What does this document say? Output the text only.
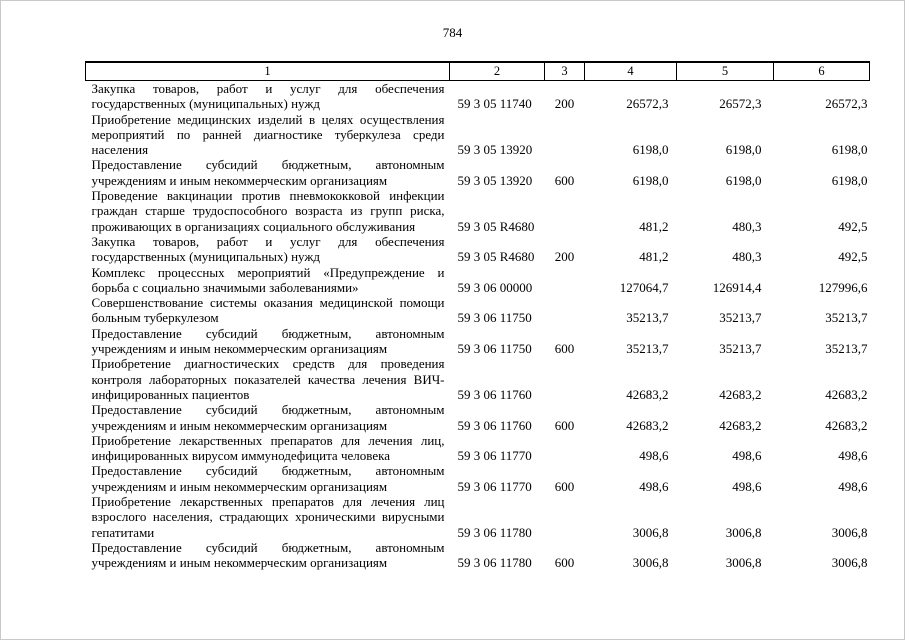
784
1	2	3	4	5	6
Закупка товаров, работ и услуг для обеспечения государственных (муниципальных) нужд	59 3 05 11740	200	26572,3	26572,3	26572,3
Приобретение медицинских изделий в целях осуществления мероприятий по ранней диагностике туберкулеза среди населения	59 3 05 13920		6198,0	6198,0	6198,0
Предоставление субсидий бюджетным, автономным учреждениям и иным некоммерческим организациям	59 3 05 13920	600	6198,0	6198,0	6198,0
Проведение вакцинации против пневмококковой инфекции граждан старше трудоспособного возраста из групп риска, проживающих в организациях социального обслуживания	59 3 05 R4680		481,2	480,3	492,5
Закупка товаров, работ и услуг для обеспечения государственных (муниципальных) нужд	59 3 05 R4680	200	481,2	480,3	492,5
Комплекс процессных мероприятий «Предупреждение и борьба с социально значимыми заболеваниями»	59 3 06 00000		127064,7	126914,4	127996,6
Совершенствование системы оказания медицинской помощи больным туберкулезом	59 3 06 11750		35213,7	35213,7	35213,7
Предоставление субсидий бюджетным, автономным учреждениям и иным некоммерческим организациям	59 3 06 11750	600	35213,7	35213,7	35213,7
Приобретение диагностических средств для проведения контроля лабораторных показателей качества лечения ВИЧ-инфицированных пациентов	59 3 06 11760		42683,2	42683,2	42683,2
Предоставление субсидий бюджетным, автономным учреждениям и иным некоммерческим организациям	59 3 06 11760	600	42683,2	42683,2	42683,2
Приобретение лекарственных препаратов для лечения лиц, инфицированных вирусом иммунодефицита человека	59 3 06 11770		498,6	498,6	498,6
Предоставление субсидий бюджетным, автономным учреждениям и иным некоммерческим организациям	59 3 06 11770	600	498,6	498,6	498,6
Приобретение лекарственных препаратов для лечения лиц взрослого населения, страдающих хроническими вирусными гепатитами	59 3 06 11780		3006,8	3006,8	3006,8
Предоставление субсидий бюджетным, автономным учреждениям и иным некоммерческим организациям	59 3 06 11780	600	3006,8	3006,8	3006,8
